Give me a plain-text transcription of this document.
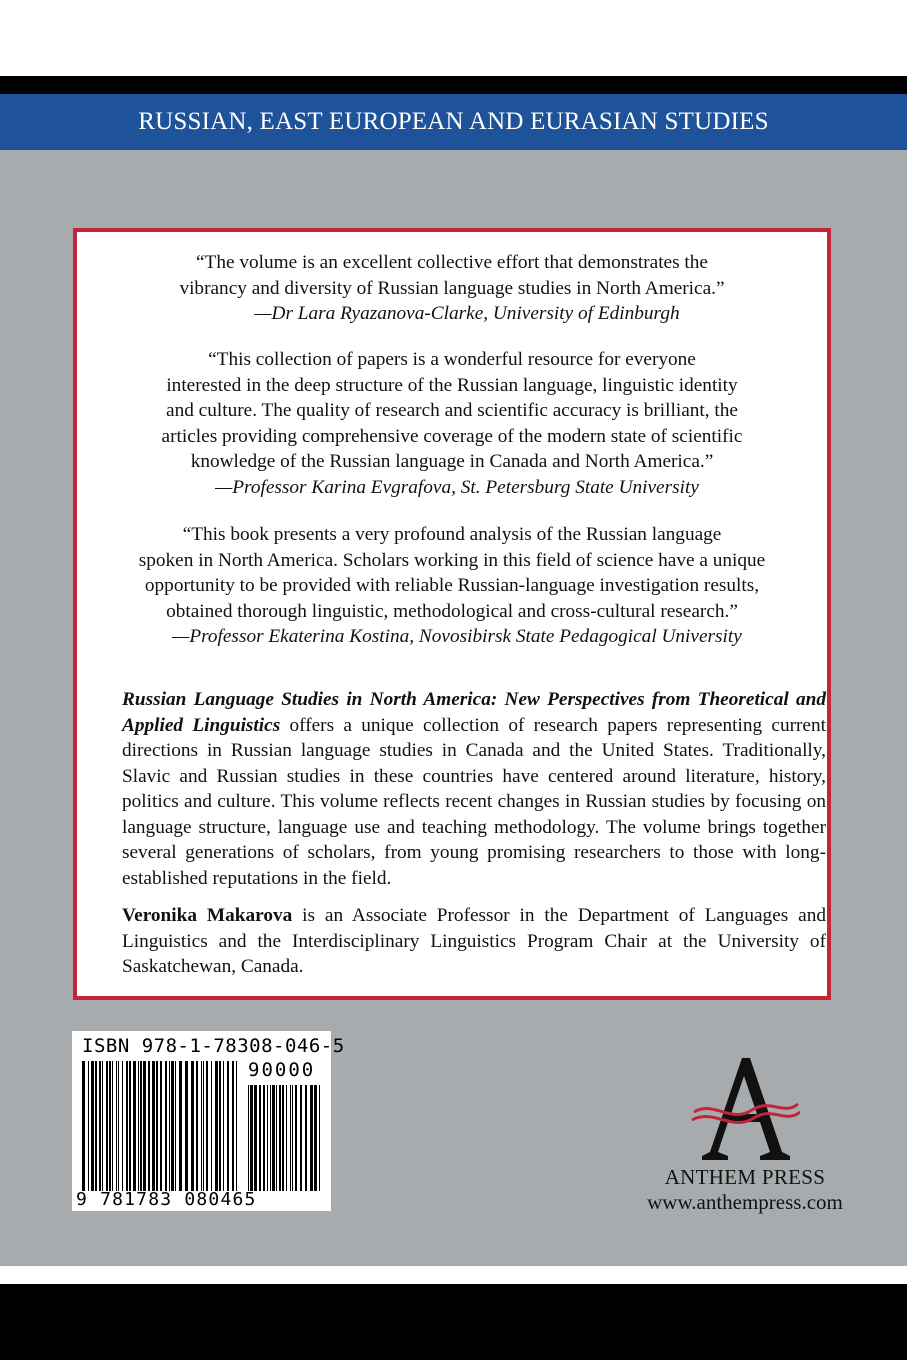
RUSSIAN, EAST EUROPEAN AND EURASIAN STUDIES
“The volume is an excellent collective effort that demonstrates the
vibrancy and diversity of Russian language studies in North America.”
—Dr Lara Ryazanova-Clarke, University of Edinburgh
“This collection of papers is a wonderful resource for everyone
interested in the deep structure of the Russian language, linguistic identity
and culture. The quality of research and scientific accuracy is brilliant, the
articles providing comprehensive coverage of the modern state of scientific
knowledge of the Russian language in Canada and North America.”
—Professor Karina Evgrafova, St. Petersburg State University
“This book presents a very profound analysis of the Russian language
spoken in North America. Scholars working in this field of science have a unique
opportunity to be provided with reliable Russian-language investigation results,
obtained thorough linguistic, methodological and cross-cultural research.”
—Professor Ekaterina Kostina, Novosibirsk State Pedagogical University

Russian Language Studies in North America: New Perspectives from Theoretical and Applied Linguistics offers a unique collection of research papers representing current directions in Russian language studies in Canada and the United States. Traditionally, Slavic and Russian studies in these countries have centered around literature, history, politics and culture. This volume reflects recent changes in Russian studies by focusing on language structure, language use and teaching methodology. The volume brings together several generations of scholars, from young promising researchers to those with long-established reputations in the field.

Veronika Makarova is an Associate Professor in the Department of Languages and Linguistics and the Interdisciplinary Linguistics Program Chair at the University of Saskatchewan, Canada.

ISBN 978-1-78308-046-5
90000
9 781783 080465
ANTHEM PRESS
www.anthempress.com
